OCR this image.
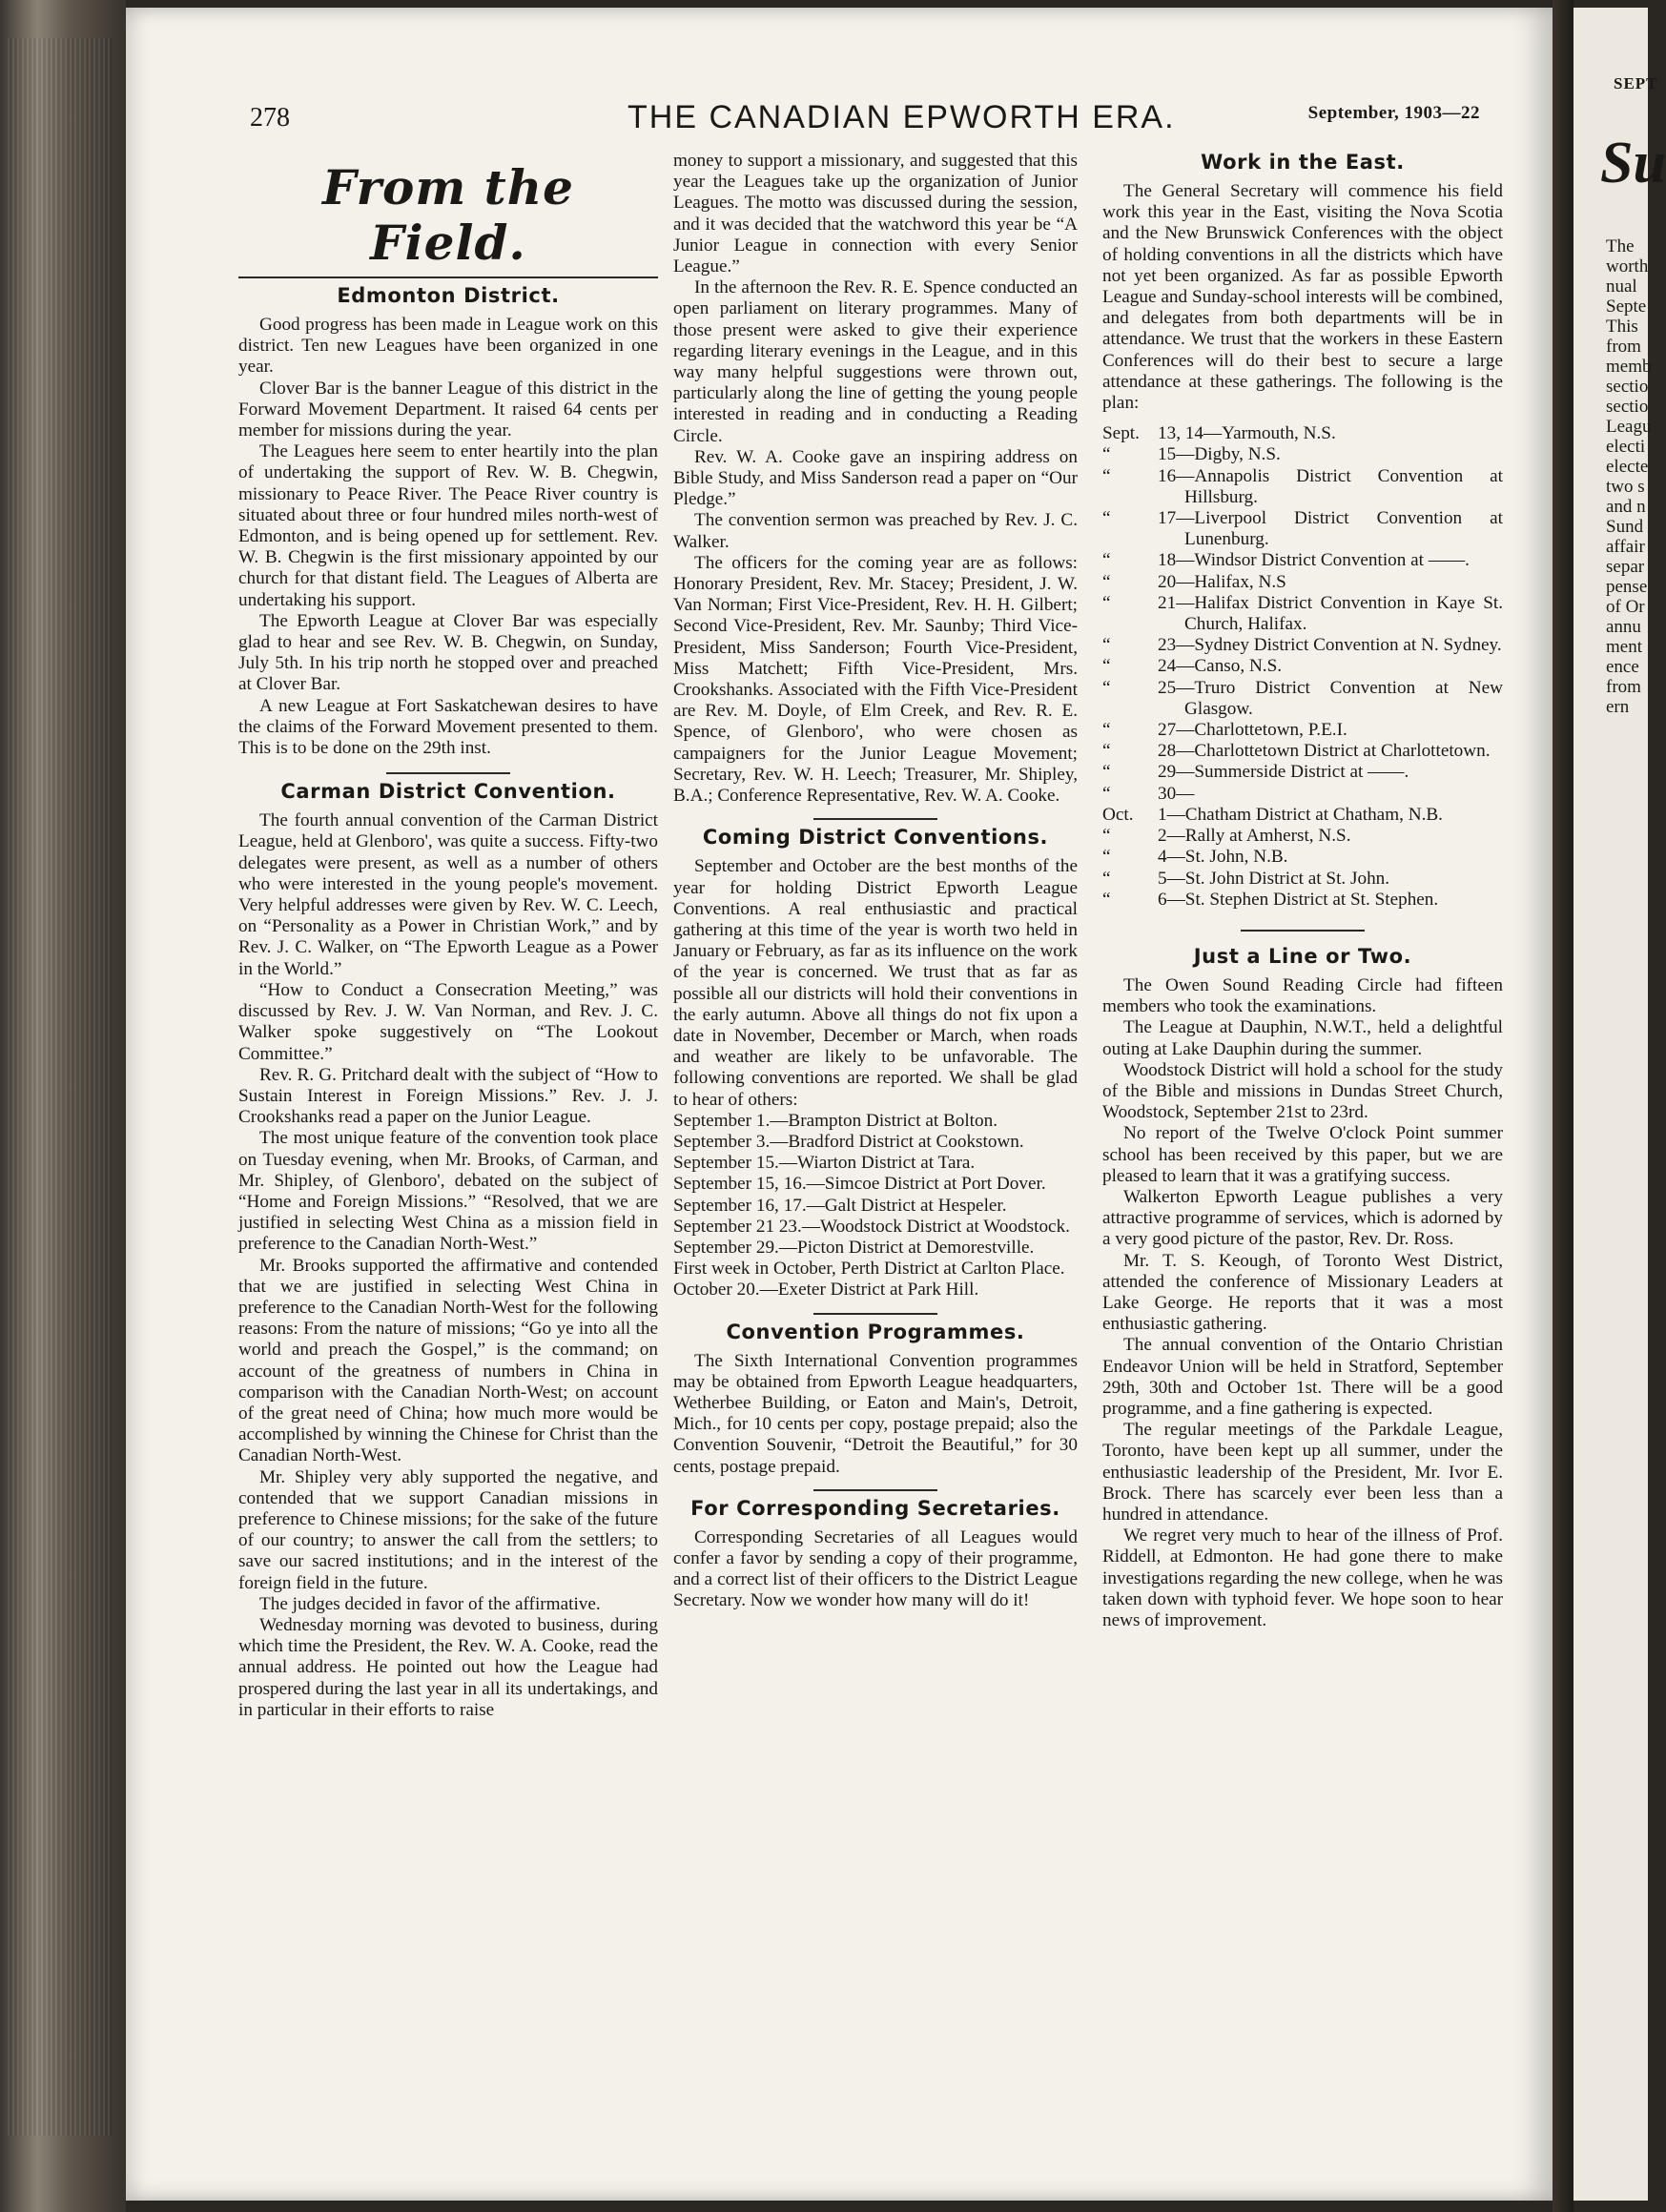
SEPT
Su
The
worth
nual
Septe
This
from
memb
sectio
sectio
Leagu
electi
electe
two s
and n
Sund
affair
separ
pense
of Or
annu
ment
ence
from
ern
278	THE CANADIAN EPWORTH ERA.	September, 1903—22
From the Field.
Edmonton District.

Good progress has been made in League work on this district. Ten new Leagues have been organized in one year.

Clover Bar is the banner League of this district in the Forward Movement Department. It raised 64 cents per member for missions during the year.

The Leagues here seem to enter heartily into the plan of undertaking the support of Rev. W. B. Chegwin, missionary to Peace River. The Peace River country is situated about three or four hundred miles north-west of Edmonton, and is being opened up for settlement. Rev. W. B. Chegwin is the first missionary appointed by our church for that distant field. The Leagues of Alberta are undertaking his support.

The Epworth League at Clover Bar was especially glad to hear and see Rev. W. B. Chegwin, on Sunday, July 5th. In his trip north he stopped over and preached at Clover Bar.

A new League at Fort Saskatchewan desires to have the claims of the Forward Movement presented to them. This is to be done on the 29th inst.

Carman District Convention.

The fourth annual convention of the Carman District League, held at Glenboro', was quite a success. Fifty-two delegates were present, as well as a number of others who were interested in the young people's movement. Very helpful addresses were given by Rev. W. C. Leech, on “Personality as a Power in Christian Work,” and by Rev. J. C. Walker, on “The Epworth League as a Power in the World.”

“How to Conduct a Consecration Meeting,” was discussed by Rev. J. W. Van Norman, and Rev. J. C. Walker spoke suggestively on “The Lookout Committee.”

Rev. R. G. Pritchard dealt with the subject of “How to Sustain Interest in Foreign Missions.” Rev. J. J. Crookshanks read a paper on the Junior League.

The most unique feature of the convention took place on Tuesday evening, when Mr. Brooks, of Carman, and Mr. Shipley, of Glenboro', debated on the subject of “Home and Foreign Missions.” “Resolved, that we are justified in selecting West China as a mission field in preference to the Canadian North-West.”

Mr. Brooks supported the affirmative and contended that we are justified in selecting West China in preference to the Canadian North-West for the following reasons: From the nature of missions; “Go ye into all the world and preach the Gospel,” is the command; on account of the greatness of numbers in China in comparison with the Canadian North-West; on account of the great need of China; how much more would be accomplished by winning the Chinese for Christ than the Canadian North-West.

Mr. Shipley very ably supported the negative, and contended that we support Canadian missions in preference to Chinese missions; for the sake of the future of our country; to answer the call from the settlers; to save our sacred institutions; and in the interest of the foreign field in the future.

The judges decided in favor of the affirmative.

Wednesday morning was devoted to business, during which time the President, the Rev. W. A. Cooke, read the annual address. He pointed out how the League had prospered during the last year in all its undertakings, and in particular in their efforts to raise

money to support a missionary, and suggested that this year the Leagues take up the organization of Junior Leagues. The motto was discussed during the session, and it was decided that the watchword this year be “A Junior League in connection with every Senior League.”

In the afternoon the Rev. R. E. Spence conducted an open parliament on literary programmes. Many of those present were asked to give their experience regarding literary evenings in the League, and in this way many helpful suggestions were thrown out, particularly along the line of getting the young people interested in reading and in conducting a Reading Circle.

Rev. W. A. Cooke gave an inspiring address on Bible Study, and Miss Sanderson read a paper on “Our Pledge.”

The convention sermon was preached by Rev. J. C. Walker.

The officers for the coming year are as follows: Honorary President, Rev. Mr. Stacey; President, J. W. Van Norman; First Vice-President, Rev. H. H. Gilbert; Second Vice-President, Rev. Mr. Saunby; Third Vice-President, Miss Sanderson; Fourth Vice-President, Miss Matchett; Fifth Vice-President, Mrs. Crookshanks. Associated with the Fifth Vice-President are Rev. M. Doyle, of Elm Creek, and Rev. R. E. Spence, of Glenboro', who were chosen as campaigners for the Junior League Movement; Secretary, Rev. W. H. Leech; Treasurer, Mr. Shipley, B.A.; Conference Representative, Rev. W. A. Cooke.

Coming District Conventions.

September and October are the best months of the year for holding District Epworth League Conventions. A real enthusiastic and practical gathering at this time of the year is worth two held in January or February, as far as its influence on the work of the year is concerned. We trust that as far as possible all our districts will hold their conventions in the early autumn. Above all things do not fix upon a date in November, December or March, when roads and weather are likely to be unfavorable. The following conventions are reported. We shall be glad to hear of others:

September 1.—Brampton District at Bolton.

September 3.—Bradford District at Cookstown.

September 15.—Wiarton District at Tara.

September 15, 16.—Simcoe District at Port Dover.

September 16, 17.—Galt District at Hespeler.

September 21 23.—Woodstock District at Woodstock.

September 29.—Picton District at Demorestville.

First week in October, Perth District at Carlton Place.

October 20.—Exeter District at Park Hill.

Convention Programmes.

The Sixth International Convention programmes may be obtained from Epworth League headquarters, Wetherbee Building, or Eaton and Main's, Detroit, Mich., for 10 cents per copy, postage prepaid; also the Convention Souvenir, “Detroit the Beautiful,” for 30 cents, postage prepaid.

For Corresponding Secretaries.

Corresponding Secretaries of all Leagues would confer a favor by sending a copy of their programme, and a correct list of their officers to the District League Secretary. Now we wonder how many will do it!

Work in the East.

The General Secretary will commence his field work this year in the East, visiting the Nova Scotia and the New Brunswick Conferences with the object of holding conventions in all the districts which have not yet been organized. As far as possible Epworth League and Sunday-school interests will be combined, and delegates from both departments will be in attendance. We trust that the workers in these Eastern Conferences will do their best to secure a large attendance at these gatherings. The following is the plan:

Sept. 13, 14—Yarmouth, N.S.
“	15—Digby, N.S.
“	16—Annapolis District Convention at Hillsburg.
“	17—Liverpool District Convention at Lunenburg.
“	18—Windsor District Convention at ——.
“	20—Halifax, N.S
“	21—Halifax District Convention in Kaye St. Church, Halifax.
“	23—Sydney District Convention at N. Sydney.
“	24—Canso, N.S.
“	25—Truro District Convention at New Glasgow.
“	27—Charlottetown, P.E.I.
“	28—Charlottetown District at Charlottetown.
“	29—Summerside District at ——.
“	30—
Oct.	1—Chatham District at Chatham, N.B.
“	2—Rally at Amherst, N.S.
“	4—St. John, N.B.
“	5—St. John District at St. John.
“	6—St. Stephen District at St. Stephen.
Just a Line or Two.

The Owen Sound Reading Circle had fifteen members who took the examinations.

The League at Dauphin, N.W.T., held a delightful outing at Lake Dauphin during the summer.

Woodstock District will hold a school for the study of the Bible and missions in Dundas Street Church, Woodstock, September 21st to 23rd.

No report of the Twelve O'clock Point summer school has been received by this paper, but we are pleased to learn that it was a gratifying success.

Walkerton Epworth League publishes a very attractive programme of services, which is adorned by a very good picture of the pastor, Rev. Dr. Ross.

Mr. T. S. Keough, of Toronto West District, attended the conference of Missionary Leaders at Lake George. He reports that it was a most enthusiastic gathering.

The annual convention of the Ontario Christian Endeavor Union will be held in Stratford, September 29th, 30th and October 1st. There will be a good programme, and a fine gathering is expected.

The regular meetings of the Parkdale League, Toronto, have been kept up all summer, under the enthusiastic leadership of the President, Mr. Ivor E. Brock. There has scarcely ever been less than a hundred in attendance.

We regret very much to hear of the illness of Prof. Riddell, at Edmonton. He had gone there to make investigations regarding the new college, when he was taken down with typhoid fever. We hope soon to hear news of improvement.
